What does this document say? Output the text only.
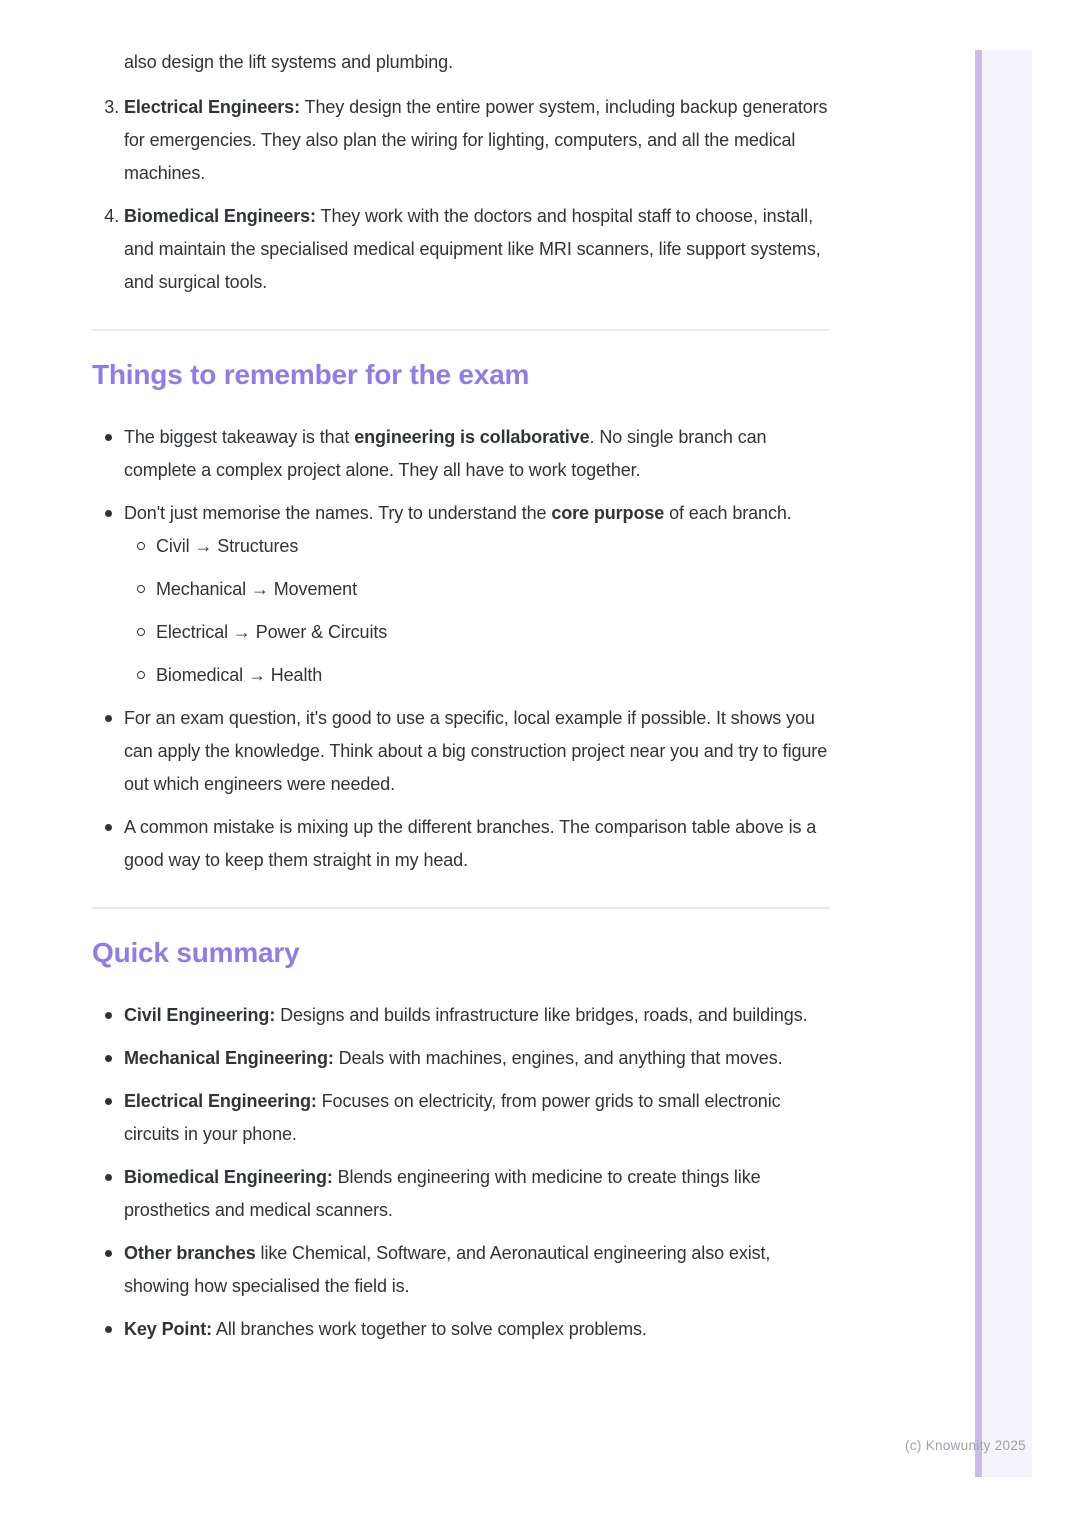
also design the lift systems and plumbing.

3. Electrical Engineers: They design the entire power system, including backup generators for emergencies. They also plan the wiring for lighting, computers, and all the medical machines.
4. Biomedical Engineers: They work with the doctors and hospital staff to choose, install, and maintain the specialised medical equipment like MRI scanners, life support systems, and surgical tools.
Things to remember for the exam
The biggest takeaway is that engineering is collaborative. No single branch can complete a complex project alone. They all have to work together.
Don't just memorise the names. Try to understand the core purpose of each branch.
Civil → Structures
Mechanical → Movement
Electrical → Power & Circuits
Biomedical → Health
For an exam question, it's good to use a specific, local example if possible. It shows you can apply the knowledge. Think about a big construction project near you and try to figure out which engineers were needed.
A common mistake is mixing up the different branches. The comparison table above is a good way to keep them straight in my head.
Quick summary
Civil Engineering: Designs and builds infrastructure like bridges, roads, and buildings.
Mechanical Engineering: Deals with machines, engines, and anything that moves.
Electrical Engineering: Focuses on electricity, from power grids to small electronic circuits in your phone.
Biomedical Engineering: Blends engineering with medicine to create things like prosthetics and medical scanners.
Other branches like Chemical, Software, and Aeronautical engineering also exist, showing how specialised the field is.
Key Point: All branches work together to solve complex problems.
(c) Knowunity 2025
